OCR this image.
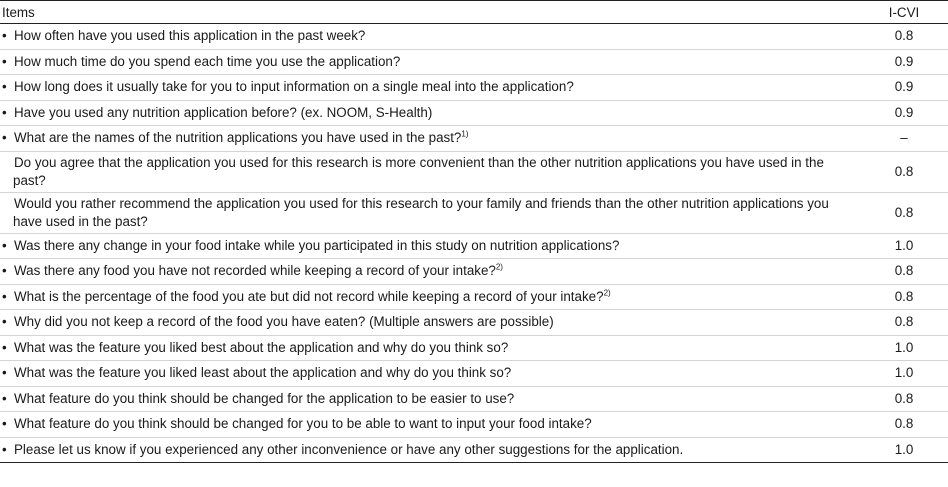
Items	I-CVI
• How often have you used this application in the past week?	0.8
• How much time do you spend each time you use the application?	0.9
• How long does it usually take for you to input information on a single meal into the application?	0.9
• Have you used any nutrition application before? (ex. NOOM, S-Health)	0.9
• What are the names of the nutrition applications you have used in the past?$^{1)}$	–

Do you agree that the application you used for this research is more convenient than the other nutrition applications you have used in the past?	0.8

Would you rather recommend the application you used for this research to your family and friends than the other nutrition applications you have used in the past?	0.8
• Was there any change in your food intake while you participated in this study on nutrition applications?	1.0
• Was there any food you have not recorded while keeping a record of your intake?$^{2)}$	0.8
• What is the percentage of the food you ate but did not record while keeping a record of your intake?$^{2)}$	0.8
• Why did you not keep a record of the food you have eaten? (Multiple answers are possible)	0.8
• What was the feature you liked best about the application and why do you think so?	1.0
• What was the feature you liked least about the application and why do you think so?	1.0
• What feature do you think should be changed for the application to be easier to use?	0.8
• What feature do you think should be changed for you to be able to want to input your food intake?	0.8
• Please let us know if you experienced any other inconvenience or have any other suggestions for the application.	1.0
